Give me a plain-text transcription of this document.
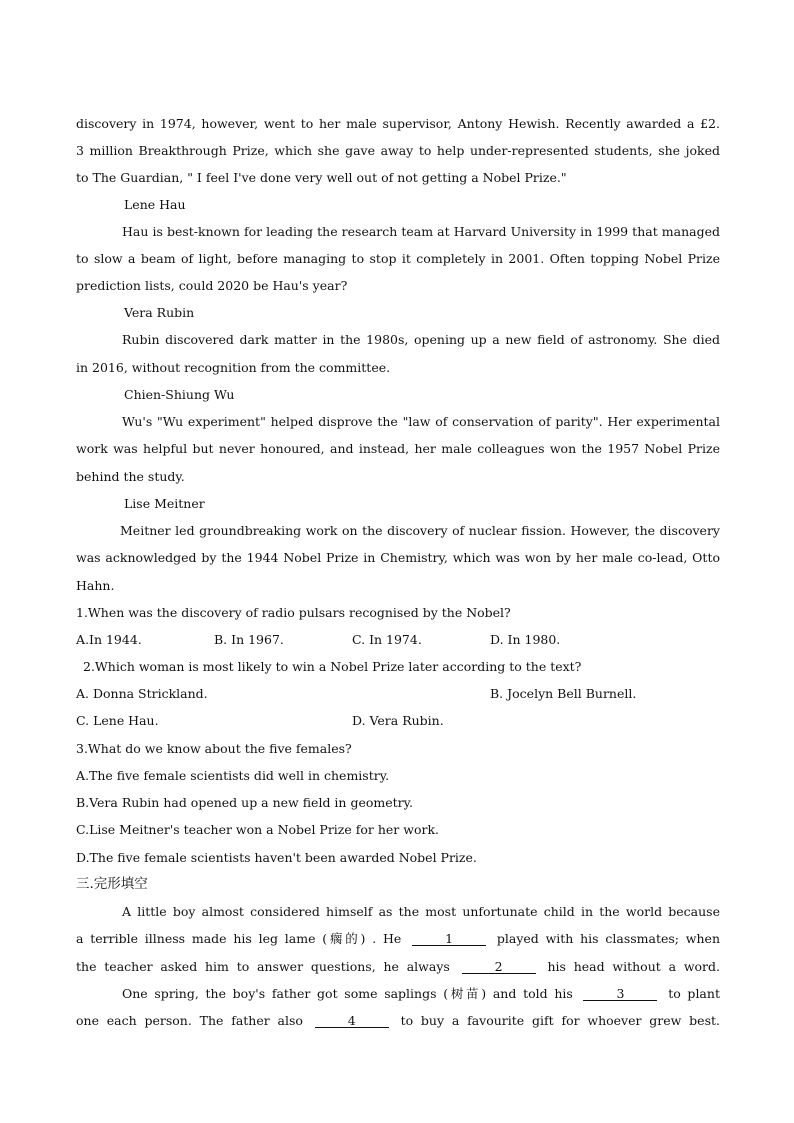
discovery in 1974, however, went to her male supervisor, Antony Hewish. Recently awarded a £2.
3 million Breakthrough Prize, which she gave away to help under-represented students, she joked
to The Guardian, " I feel I've done very well out of not getting a Nobel Prize."
Lene Hau
Hau is best-known for leading the research team at Harvard University in 1999 that managed
to slow a beam of light, before managing to stop it completely in 2001. Often topping Nobel Prize
prediction lists, could 2020 be Hau's year?
Vera Rubin
Rubin discovered dark matter in the 1980s, opening up a new field of astronomy. She died
in 2016, without recognition from the committee.
Chien-Shiung Wu
Wu's "Wu experiment" helped disprove the "law of conservation of parity". Her experimental
work was helpful but never honoured, and instead, her male colleagues won the 1957 Nobel Prize
behind the study.
Lise Meitner
Meitner led groundbreaking work on the discovery of nuclear fission. However, the discovery
was acknowledged by the 1944 Nobel Prize in Chemistry, which was won by her male co-lead, Otto
Hahn.
1.When was the discovery of radio pulsars recognised by the Nobel?
A.In 1944.	B. In 1967.	C. In 1974.	D. In 1980.
2.Which woman is most likely to win a Nobel Prize later according to the text?
A. Donna Strickland.	B. Jocelyn Bell Burnell.
C. Lene Hau.	D. Vera Rubin.
3.What do we know about the five females?
A.The five female scientists did well in chemistry.
B.Vera Rubin had opened up a new field in geometry.
C.Lise Meitner's teacher won a Nobel Prize for her work.
D.The five female scientists haven't been awarded Nobel Prize.
三.完形填空
A little boy almost considered himself as the most unfortunate child in the world because
a terrible illness made his leg lame (瘸的) . He	1	played with his classmates; when
the teacher asked him to answer questions, he always	2	his head without a word.
One spring, the boy's father got some saplings (树苗) and told his	3	to plant
one each person. The father also	4	to buy a favourite gift for whoever grew best.
